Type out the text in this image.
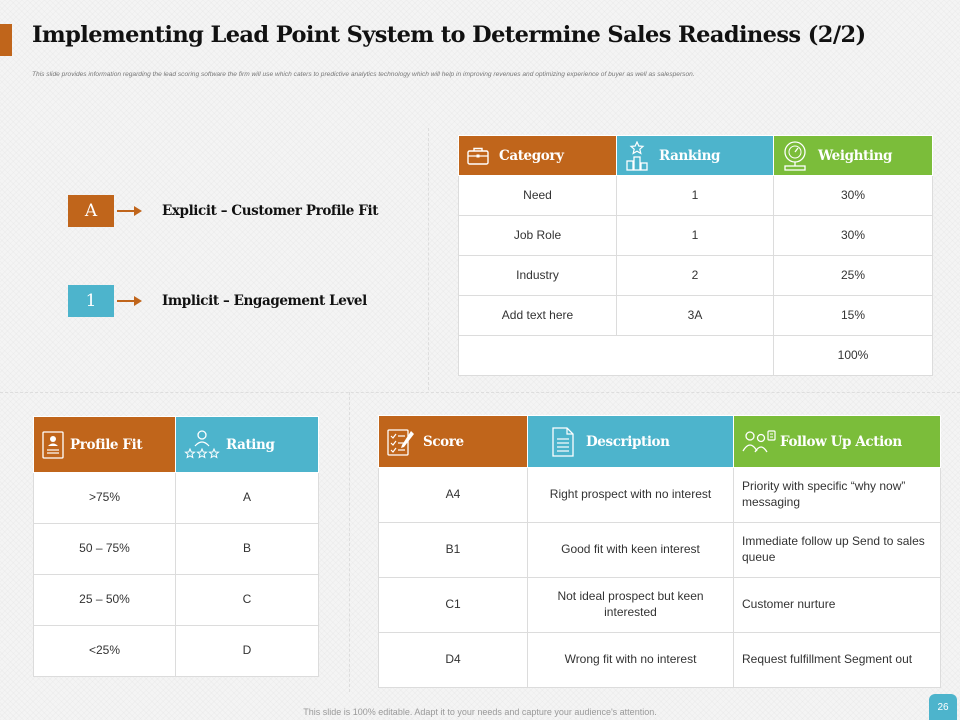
Implementing Lead Point System to Determine Sales Readiness (2/2)
This slide provides information regarding the lead scoring software the firm will use which caters to predictive analytics technology which will help in improving revenues and optimizing experience of buyer as well as salesperson.
A	Explicit – Customer Profile Fit
1	Implicit – Engagement Level
Category	Ranking	Weighting

Need	1	30%
Job Role	1	30%
Industry	2	25%
Add text here	3A	15%
		100%
Profile Fit	Rating

>75%	A
50 – 75%	B
25 – 50%	C
<25%	D
Score	Description	Follow Up Action

A4	Right prospect with no interest	Priority with specific “why now” messaging
B1	Good fit with keen interest	Immediate follow up Send to sales queue
C1	Not ideal prospect but keen interested	Customer nurture
D4	Wrong fit with no interest	Request fulfillment Segment out
This slide is 100% editable. Adapt it to your needs and capture your audience's attention.	26
